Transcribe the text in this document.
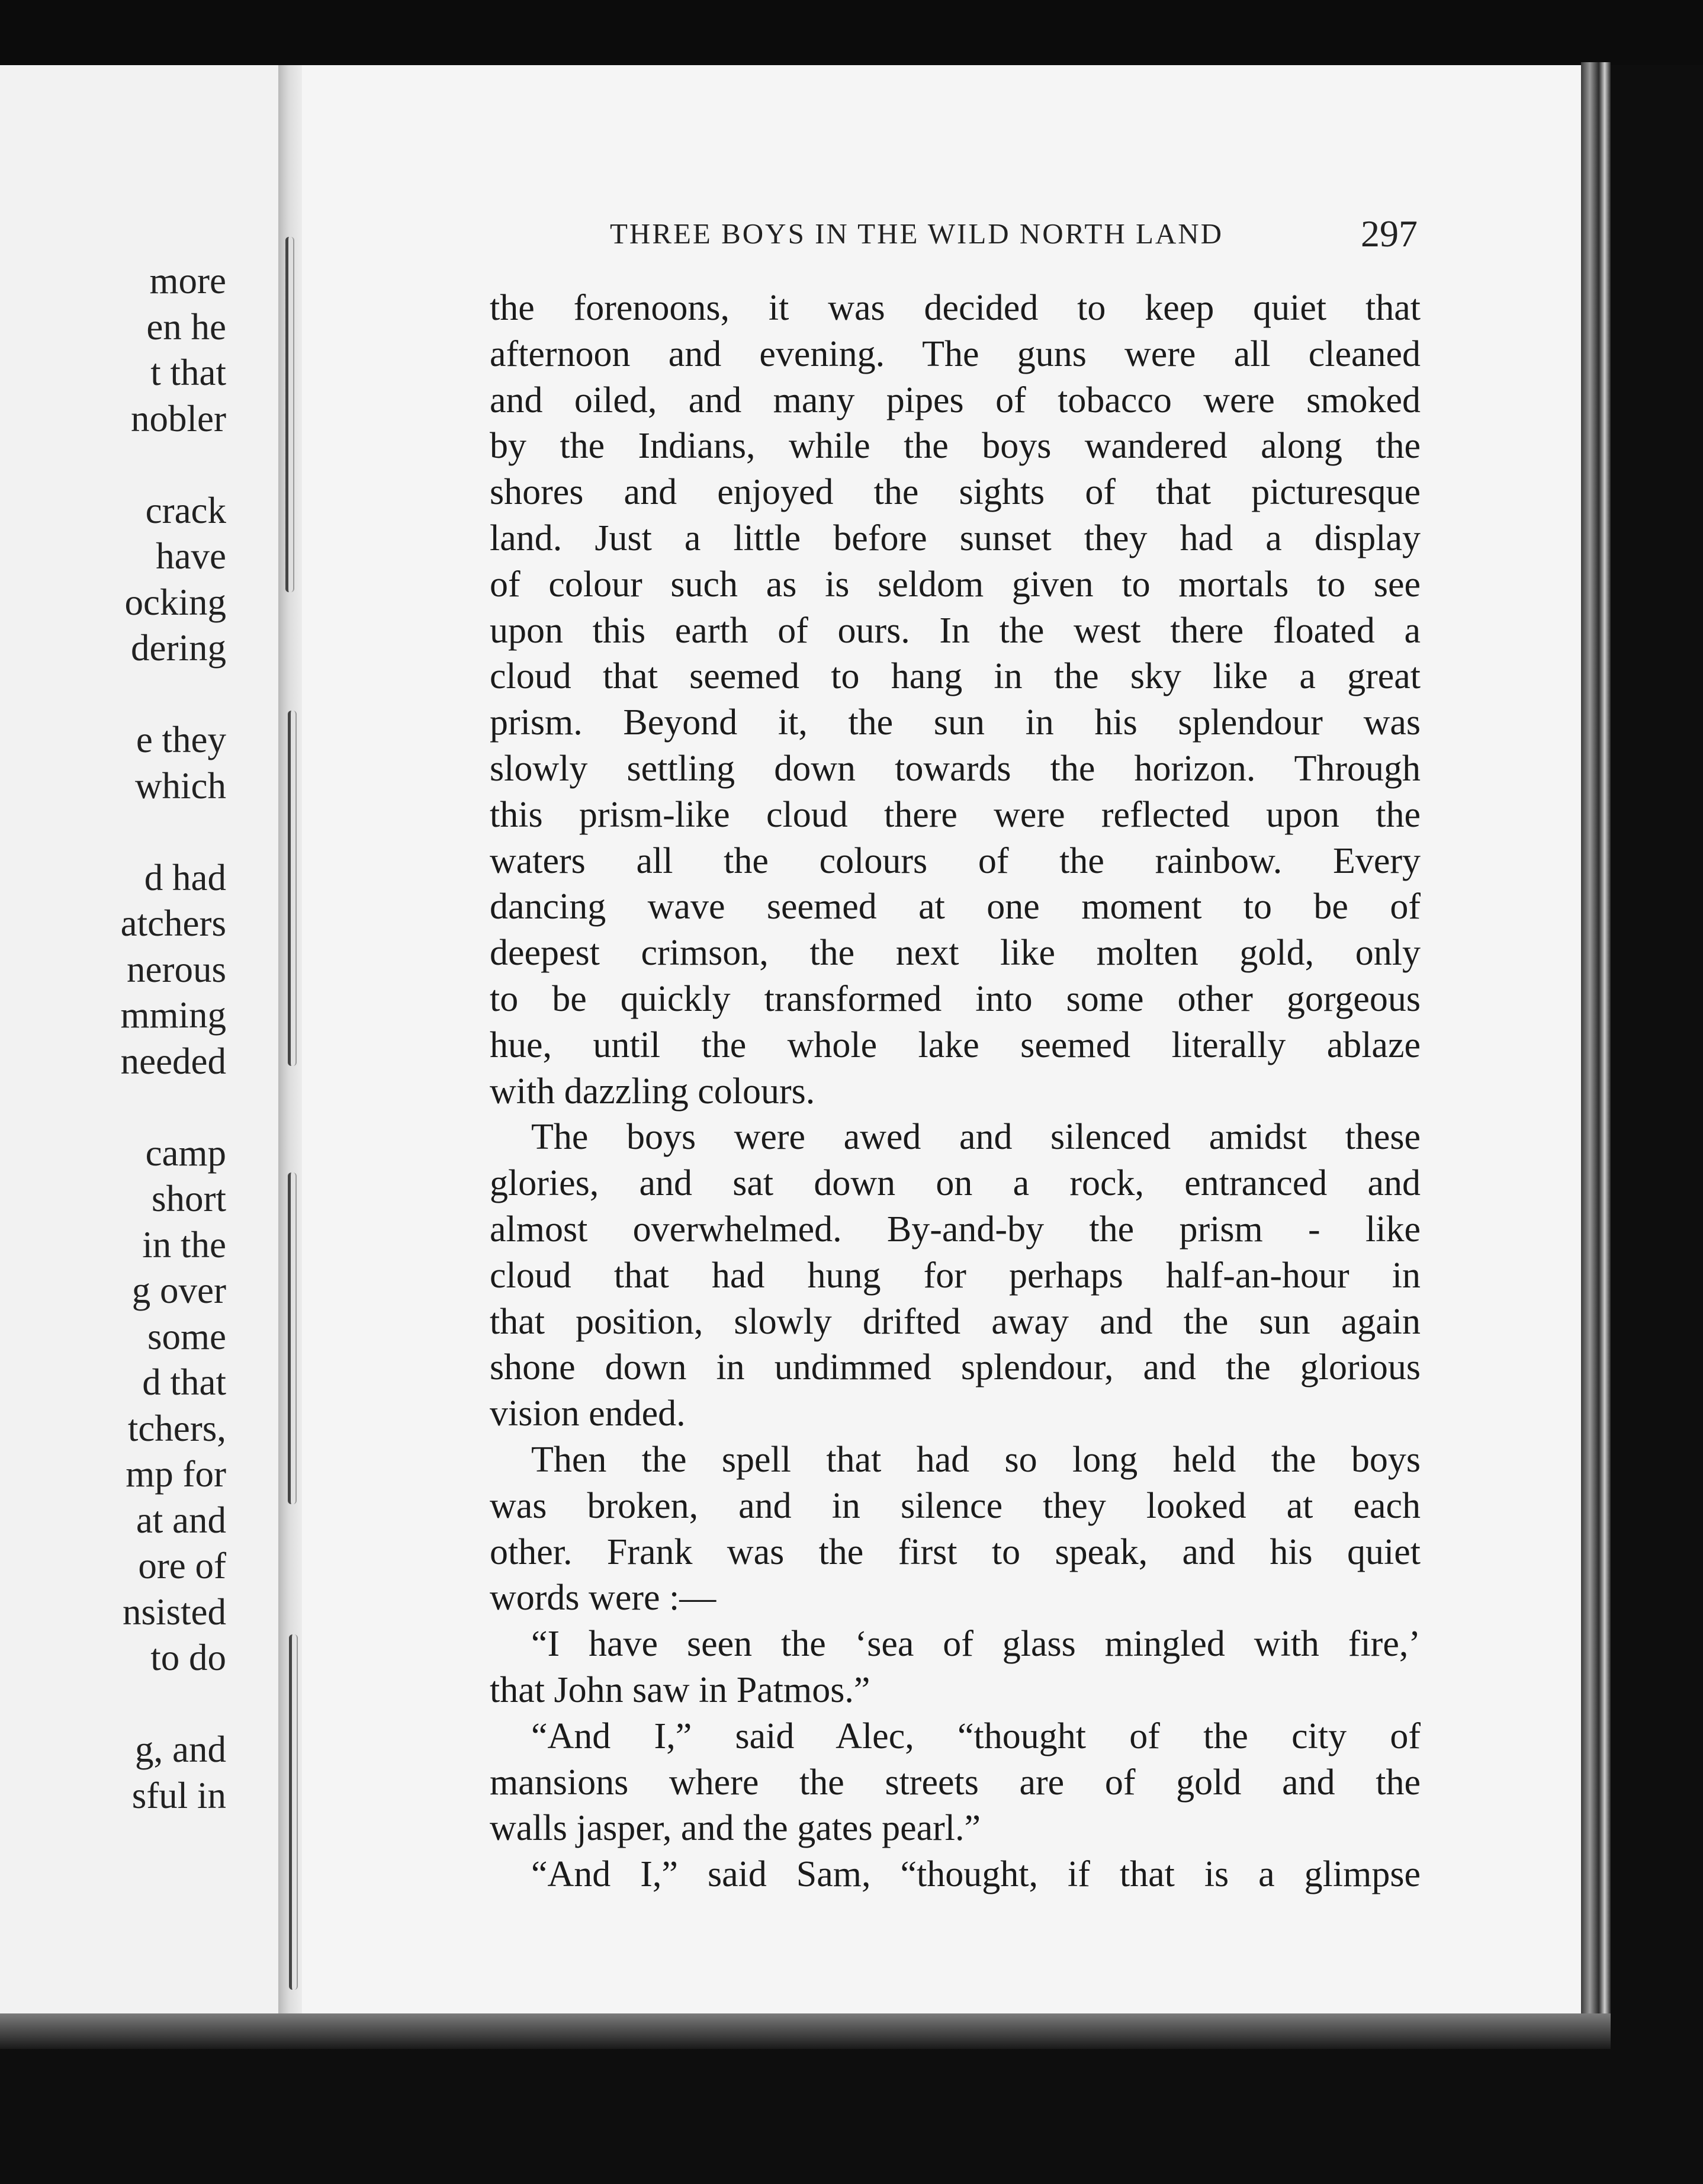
more
en he
t that
nobler
crack
have
ocking
dering
e they
which
d had
atchers
nerous
mming
needed
camp
short
in the
g over
some
d that
tchers,
mp for
at and
ore of
nsisted
to do
g, and
sful in
THREE BOYS IN THE WILD NORTH LAND	297
the forenoons, it was decided to keep quiet that
afternoon and evening. The guns were all cleaned
and oiled, and many pipes of tobacco were smoked
by the Indians, while the boys wandered along the
shores and enjoyed the sights of that picturesque
land. Just a little before sunset they had a display
of colour such as is seldom given to mortals to see
upon this earth of ours. In the west there floated a
cloud that seemed to hang in the sky like a great
prism. Beyond it, the sun in his splendour was
slowly settling down towards the horizon. Through
this prism-like cloud there were reflected upon the
waters all the colours of the rainbow. Every
dancing wave seemed at one moment to be of
deepest crimson, the next like molten gold, only
to be quickly transformed into some other gorgeous
hue, until the whole lake seemed literally ablaze
with dazzling colours.
The boys were awed and silenced amidst these
glories, and sat down on a rock, entranced and
almost overwhelmed. By-and-by the prism - like
cloud that had hung for perhaps half-an-hour in
that position, slowly drifted away and the sun again
shone down in undimmed splendour, and the glorious
vision ended.
Then the spell that had so long held the boys
was broken, and in silence they looked at each
other. Frank was the first to speak, and his quiet
words were :—
“I have seen the ‘sea of glass mingled with fire,’
that John saw in Patmos.”
“And I,” said Alec, “thought of the city of
mansions where the streets are of gold and the
walls jasper, and the gates pearl.”
“And I,” said Sam, “thought, if that is a glimpse
